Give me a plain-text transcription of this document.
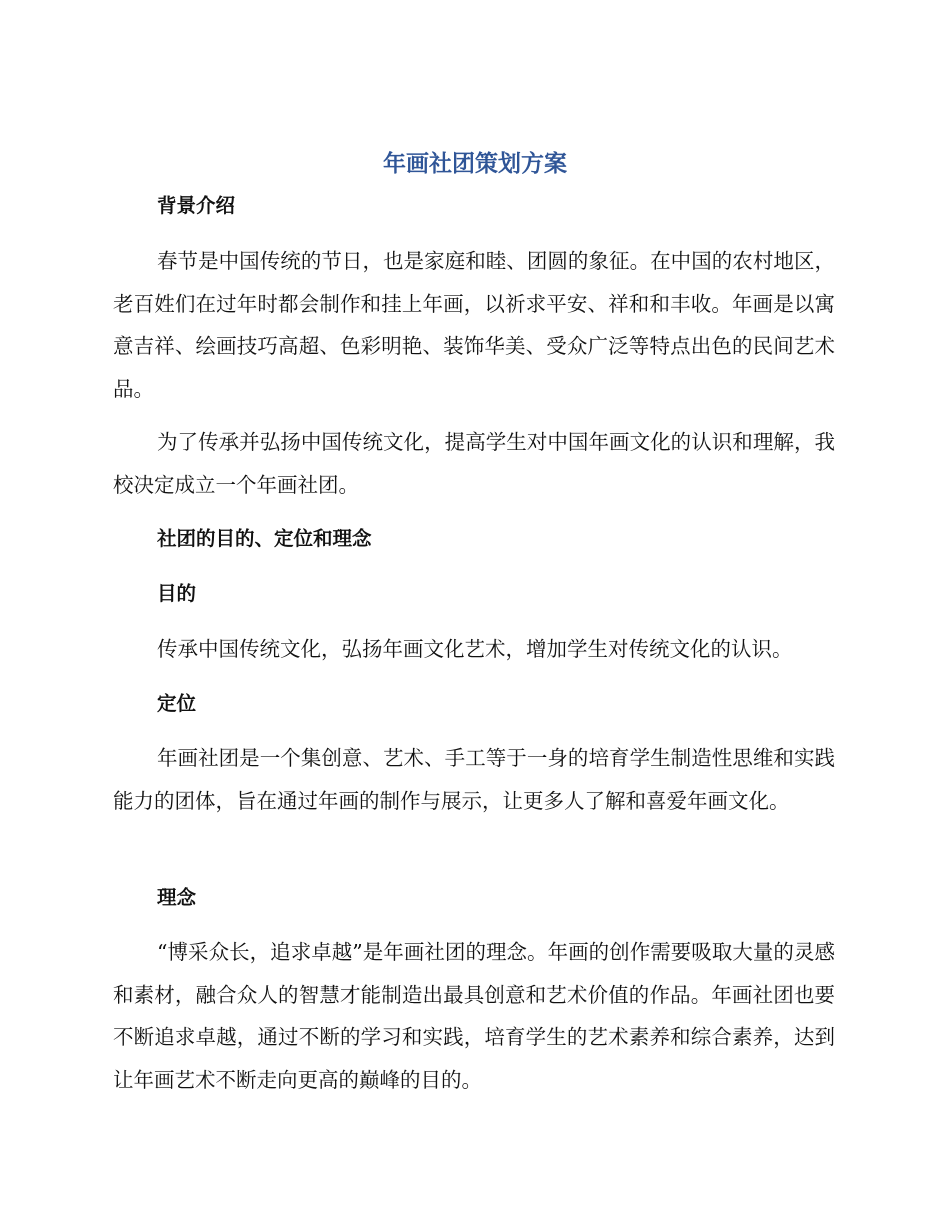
年画社团策划方案
背景介绍

春节是中国传统的节日，也是家庭和睦、团圆的象征。在中国的农村地区，老百姓们在过年时都会制作和挂上年画，以祈求平安、祥和和丰收。年画是以寓意吉祥、绘画技巧高超、色彩明艳、装饰华美、受众广泛等特点出色的民间艺术品。

为了传承并弘扬中国传统文化，提高学生对中国年画文化的认识和理解，我校决定成立一个年画社团。

社团的目的、定位和理念
目的

传承中国传统文化，弘扬年画文化艺术，增加学生对传统文化的认识。

定位

年画社团是一个集创意、艺术、手工等于一身的培育学生制造性思维和实践能力的团体，旨在通过年画的制作与展示，让更多人了解和喜爱年画文化。

理念

“博采众长，追求卓越”是年画社团的理念。年画的创作需要吸取大量的灵感和素材，融合众人的智慧才能制造出最具创意和艺术价值的作品。年画社团也要不断追求卓越，通过不断的学习和实践，培育学生的艺术素养和综合素养，达到让年画艺术不断走向更高的巅峰的目的。
